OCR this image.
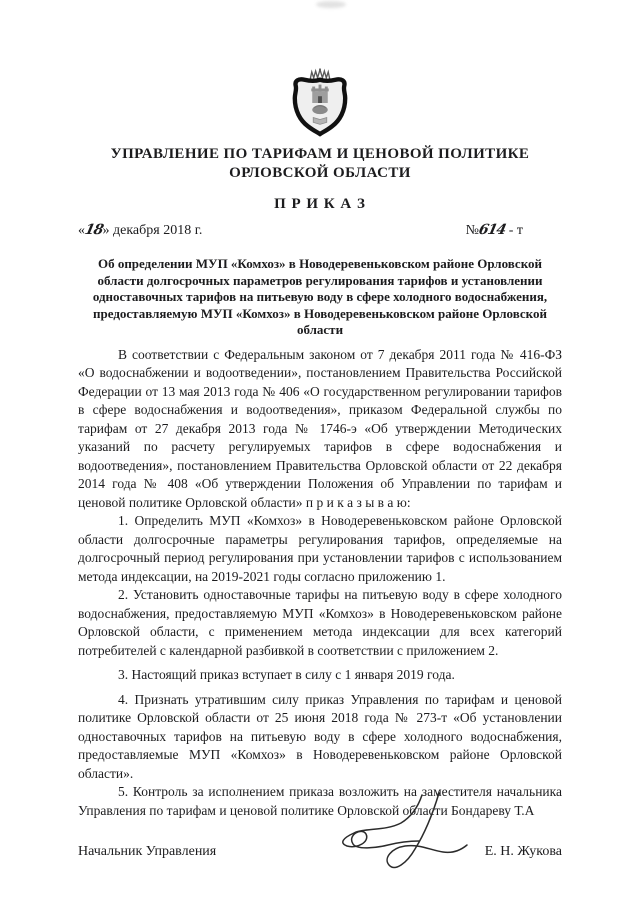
УПРАВЛЕНИЕ ПО ТАРИФАМ И ЦЕНОВОЙ ПОЛИТИКЕ
ОРЛОВСКОЙ ОБЛАСТИ
П Р И К А З
«18» декабря 2018 г.	№614 - т
Об определении МУП «Комхоз» в Новодеревеньковском районе Орловской области долгосрочных параметров регулирования тарифов и установлении одноставочных тарифов на питьевую воду в сфере холодного водоснабжения, предоставляемую МУП «Комхоз» в Новодеревеньковском районе Орловской области

В соответствии с Федеральным законом от 7 декабря 2011 года № 416-ФЗ «О водоснабжении и водоотведении», постановлением Правительства Российской Федерации от 13 мая 2013 года № 406 «О государственном регулировании тарифов в сфере водоснабжения и водоотведения», приказом Федеральной службы по тарифам от 27 декабря 2013 года № 1746-э «Об утверждении Методических указаний по расчету регулируемых тарифов в сфере водоснабжения и водоотведения», постановлением Правительства Орловской области от 22 декабря 2014 года № 408 «Об утверждении Положения об Управлении по тарифам и ценовой политике Орловской области» п р и к а з ы в а ю:

1. Определить МУП «Комхоз» в Новодеревеньковском районе Орловской области долгосрочные параметры регулирования тарифов, определяемые на долгосрочный период регулирования при установлении тарифов с использованием метода индексации, на 2019-2021 годы согласно приложению 1.

2. Установить одноставочные тарифы на питьевую воду в сфере холодного водоснабжения, предоставляемую МУП «Комхоз» в Новодеревеньковском районе Орловской области, с применением метода индексации для всех категорий потребителей с календарной разбивкой в соответствии с приложением 2.

3. Настоящий приказ вступает в силу с 1 января 2019 года.

4. Признать утратившим силу приказ Управления по тарифам и ценовой политике Орловской области от 25 июня 2018 года № 273-т «Об установлении одноставочных тарифов на питьевую воду в сфере холодного водоснабжения, предоставляемые МУП «Комхоз» в Новодеревеньковском районе Орловской области».

5. Контроль за исполнением приказа возложить на заместителя начальника Управления по тарифам и ценовой политике Орловской области Бондареву Т.А

Начальник Управления	Е. Н. Жукова
